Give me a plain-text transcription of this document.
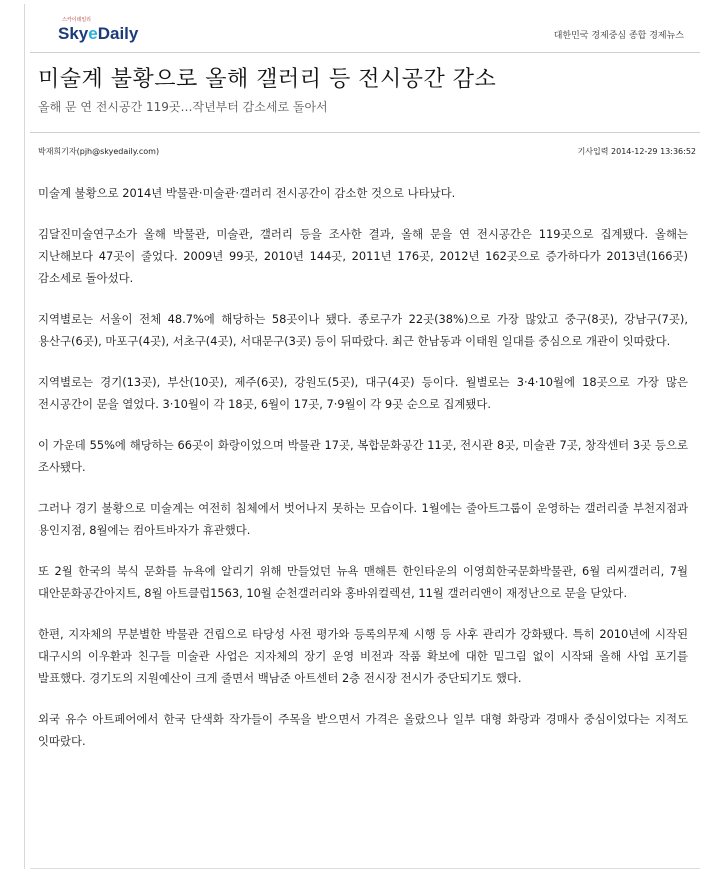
스카이데일리
SkyeDaily	대한민국 경제중심 종합 경제뉴스
미술계 불황으로 올해 갤러리 등 전시공간 감소
올해 문 연 전시공간 119곳…작년부터 감소세로 돌아서
박재희기자(pjh@skyedaily.com)	기사입력 2014-12-29 13:36:52

미술계 불황으로 2014년 박물관·미술관·갤러리 전시공간이 감소한 것으로 나타났다.

김달진미술연구소가 올해 박물관, 미술관, 갤러리 등을 조사한 결과, 올해 문을 연 전시공간은 119곳으로 집계됐다. 올해는 지난해보다 47곳이 줄었다. 2009년 99곳, 2010년 144곳, 2011년 176곳, 2012년 162곳으로 증가하다가 2013년(166곳) 감소세로 돌아섰다.

지역별로는 서울이 전체 48.7%에 해당하는 58곳이나 됐다. 종로구가 22곳(38%)으로 가장 많았고 중구(8곳), 강남구(7곳), 용산구(6곳), 마포구(4곳), 서초구(4곳), 서대문구(3곳) 등이 뒤따랐다. 최근 한남동과 이태원 일대를 중심으로 개관이 잇따랐다.

지역별로는 경기(13곳), 부산(10곳), 제주(6곳), 강원도(5곳), 대구(4곳) 등이다. 월별로는 3·4·10월에 18곳으로 가장 많은 전시공간이 문을 열었다. 3·10월이 각 18곳, 6월이 17곳, 7·9월이 각 9곳 순으로 집계됐다.

이 가운데 55%에 해당하는 66곳이 화랑이었으며 박물관 17곳, 복합문화공간 11곳, 전시관 8곳, 미술관 7곳, 창작센터 3곳 등으로 조사됐다.

그러나 경기 불황으로 미술계는 여전히 침체에서 벗어나지 못하는 모습이다. 1월에는 줄아트그룹이 운영하는 갤러리줄 부천지점과 용인지점, 8월에는 컴아트바자가 휴관했다.

또 2월 한국의 북식 문화를 뉴욕에 알리기 위해 만들었던 뉴욕 맨해튼 한인타운의 이영희한국문화박물관, 6월 리씨갤러리, 7월 대안문화공간아지트, 8월 아트클럽1563, 10월 순천갤러리와 홍바위컬렉션, 11월 갤러리앤이 재정난으로 문을 닫았다.

한편, 지자체의 무분별한 박물관 건립으로 타당성 사전 평가와 등록의무제 시행 등 사후 관리가 강화됐다. 특히 2010년에 시작된 대구시의 이우환과 친구들 미술관 사업은 지자체의 장기 운영 비전과 작품 확보에 대한 밑그림 없이 시작돼 올해 사업 포기를 발표했다. 경기도의 지원예산이 크게 줄면서 백남준 아트센터 2층 전시장 전시가 중단되기도 했다.

외국 유수 아트페어에서 한국 단색화 작가들이 주목을 받으면서 가격은 올랐으나 일부 대형 화랑과 경매사 중심이었다는 지적도 잇따랐다.
